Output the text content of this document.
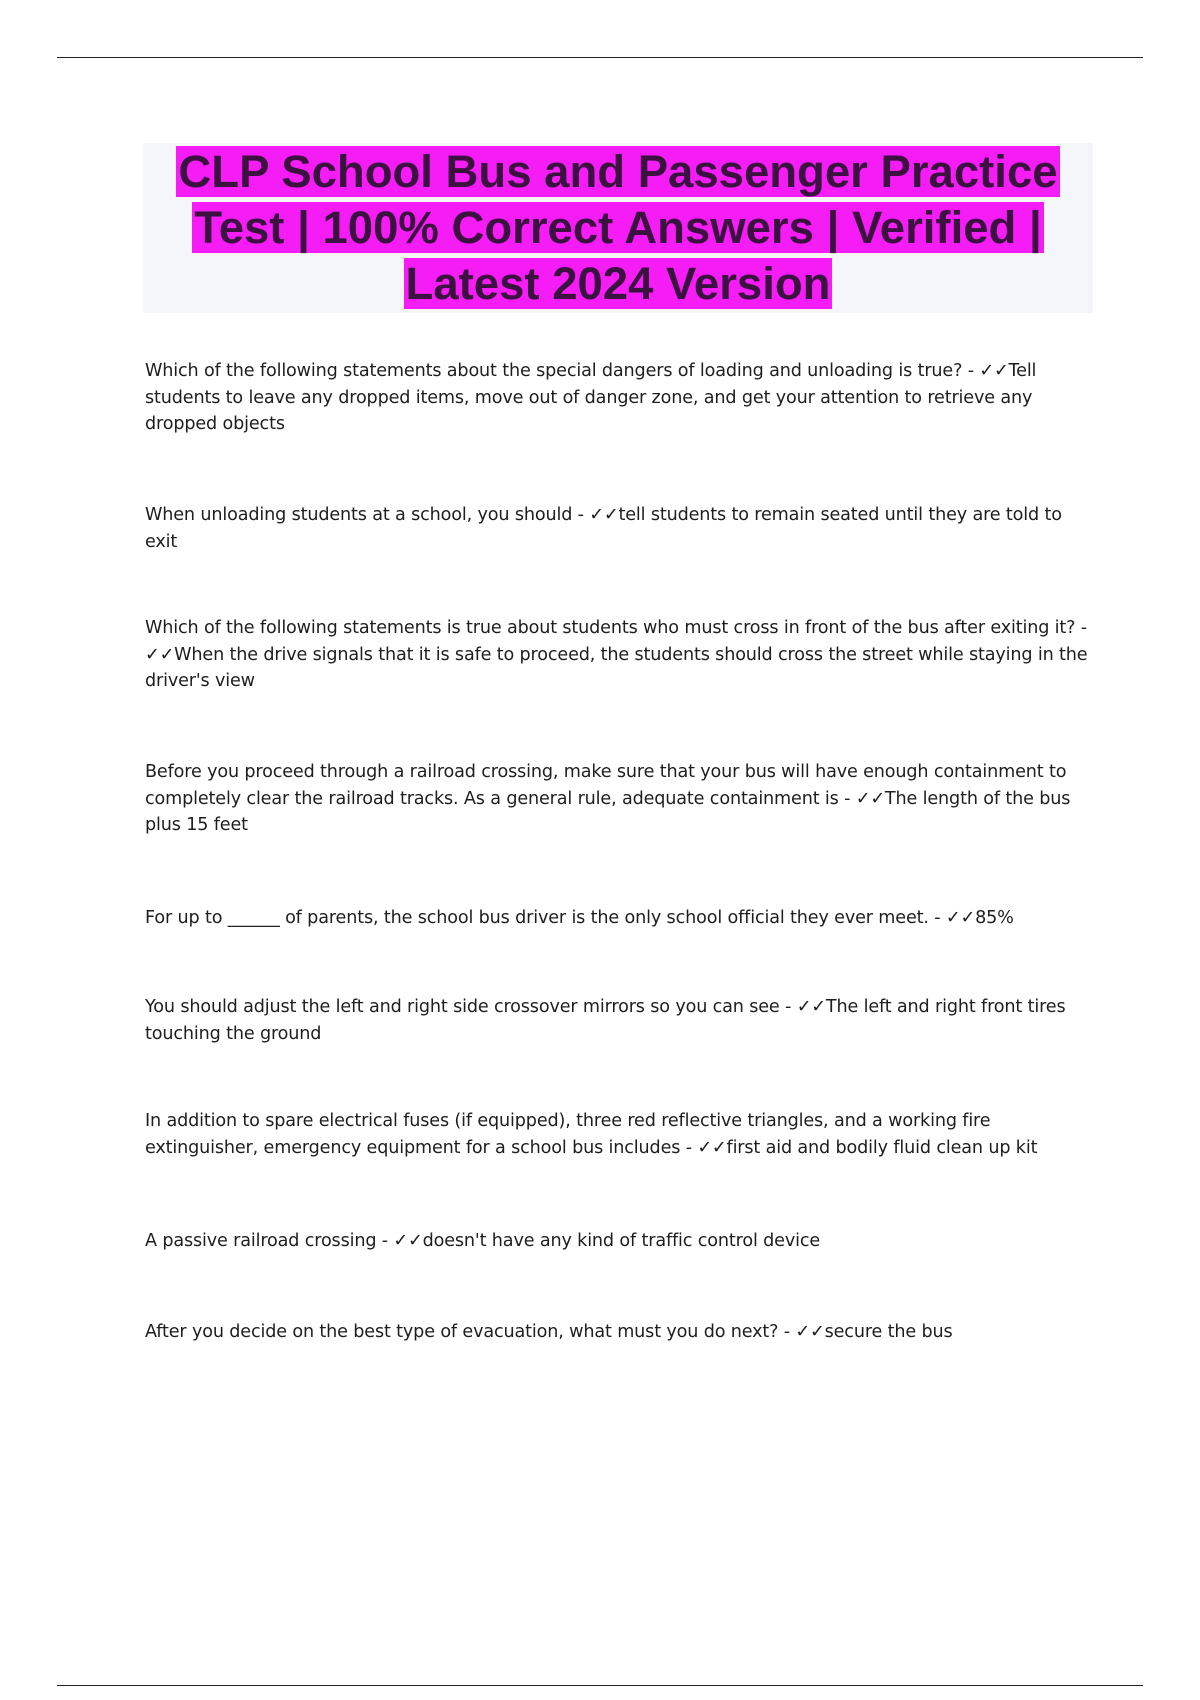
CLP School Bus and Passenger Practice
Test | 100% Correct Answers | Verified |
Latest 2024 Version

Which of the following statements about the special dangers of loading and unloading is true? - ✓✓Tell students to leave any dropped items, move out of danger zone, and get your attention to retrieve any dropped objects

When unloading students at a school, you should - ✓✓tell students to remain seated until they are told to exit

Which of the following statements is true about students who must cross in front of the bus after exiting it? - ✓✓When the drive signals that it is safe to proceed, the students should cross the street while staying in the driver's view

Before you proceed through a railroad crossing, make sure that your bus will have enough containment to completely clear the railroad tracks. As a general rule, adequate containment is - ✓✓The length of the bus plus 15 feet

For up to ______ of parents, the school bus driver is the only school official they ever meet. - ✓✓85%

You should adjust the left and right side crossover mirrors so you can see - ✓✓The left and right front tires touching the ground

In addition to spare electrical fuses (if equipped), three red reflective triangles, and a working fire extinguisher, emergency equipment for a school bus includes - ✓✓first aid and bodily fluid clean up kit

A passive railroad crossing - ✓✓doesn't have any kind of traffic control device

After you decide on the best type of evacuation, what must you do next? - ✓✓secure the bus
